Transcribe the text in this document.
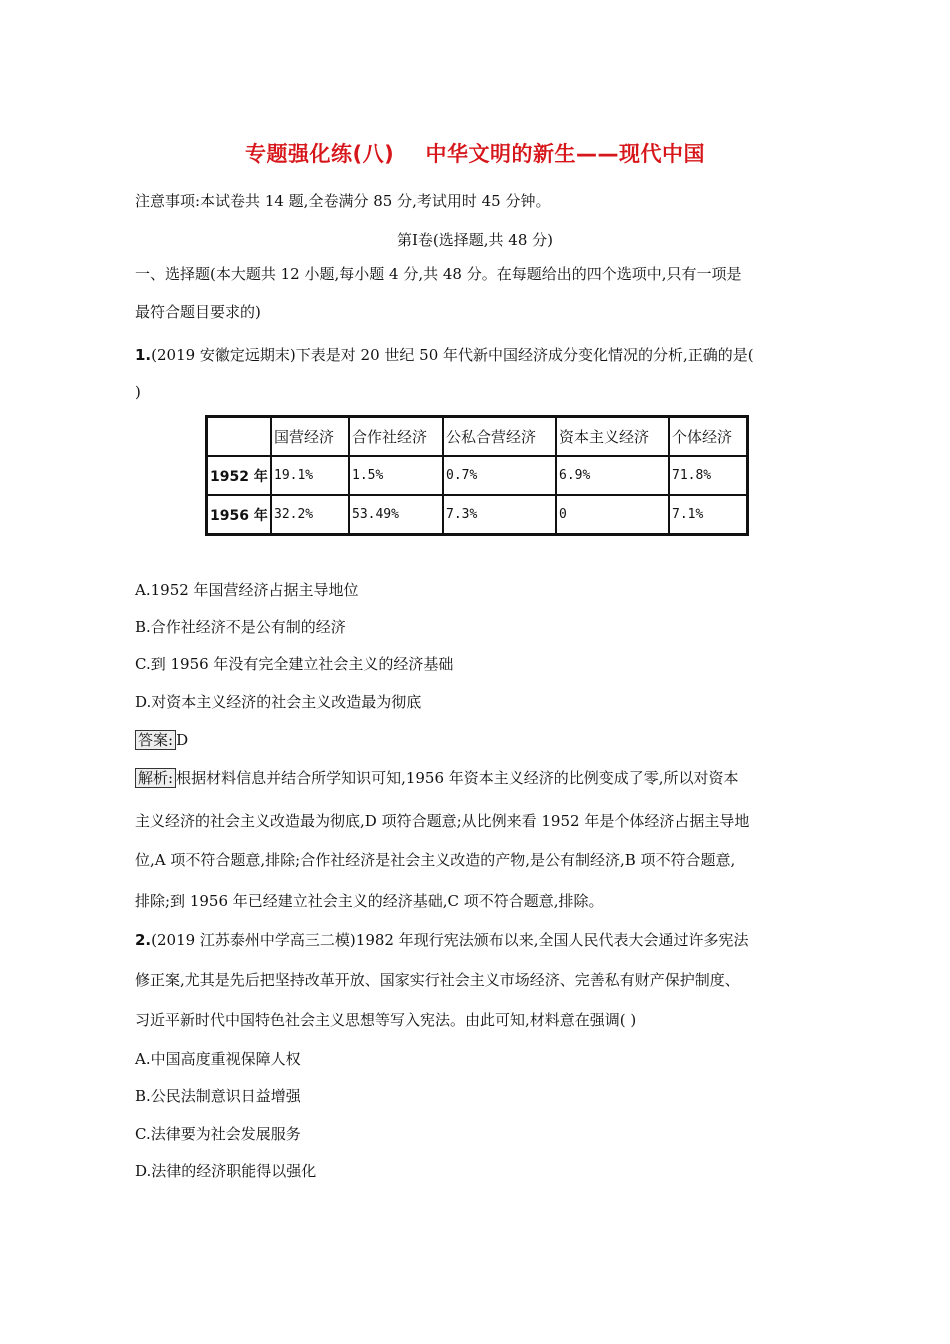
专题强化练(八)    中华文明的新生——现代中国
注意事项:本试卷共 14 题,全卷满分 85 分,考试用时 45 分钟。
第Ⅰ卷(选择题,共 48 分)
一、选择题(本大题共 12 小题,每小题 4 分,共 48 分。在每题给出的四个选项中,只有一项是
最符合题目要求的)
1.(2019 安徽定远期末)下表是对 20 世纪 50 年代新中国经济成分变化情况的分析,正确的是(
)
	国营经济	合作社经济	公私合营经济	资本主义经济	个体经济
1952 年	19.1%	1.5%	0.7%	6.9%	71.8%
1956 年	32.2%	53.49%	7.3%	0	7.1%
A.1952 年国营经济占据主导地位
B.合作社经济不是公有制的经济
C.到 1956 年没有完全建立社会主义的经济基础
D.对资本主义经济的社会主义改造最为彻底
答案: D
解析: 根据材料信息并结合所学知识可知,1956 年资本主义经济的比例变成了零,所以对资本
主义经济的社会主义改造最为彻底,D 项符合题意;从比例来看 1952 年是个体经济占据主导地
位,A 项不符合题意,排除;合作社经济是社会主义改造的产物,是公有制经济,B 项不符合题意,
排除;到 1956 年已经建立社会主义的经济基础,C 项不符合题意,排除。
2.(2019 江苏泰州中学高三二模)1982 年现行宪法颁布以来,全国人民代表大会通过许多宪法
修正案,尤其是先后把坚持改革开放、国家实行社会主义市场经济、完善私有财产保护制度、
习近平新时代中国特色社会主义思想等写入宪法。由此可知,材料意在强调( )
A.中国高度重视保障人权
B.公民法制意识日益增强
C.法律要为社会发展服务
D.法律的经济职能得以强化
